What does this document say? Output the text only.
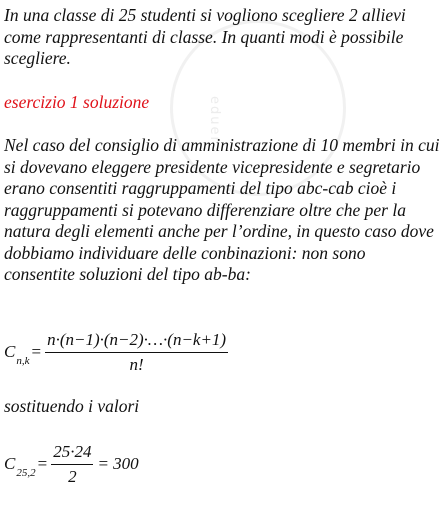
eduer
In una classe di 25 studenti si vogliono scegliere 2 allievi come rappresentanti di classe. In quanti modi è possibile scegliere.
esercizio 1 soluzione
Nel caso del consiglio di amministrazione di 10 membri in cui si dovevano eleggere presidente vicepresidente e segretario erano consentiti raggruppamenti del tipo abc-cab cioè i raggruppamenti si potevano differenziare oltre che per la natura degli elementi anche per l’ordine, in questo caso dove dobbiamo individuare delle conbinazioni: non sono consentite soluzioni del tipo ab-ba:
C $n,k = \frac{n\cdot(n-1)\cdot(n-2)\cdot\dots\cdot(n-k+1)}{n!}$
sostituendo i valori
C $25,2 = \frac{25\cdot 24}{2} = 300$
